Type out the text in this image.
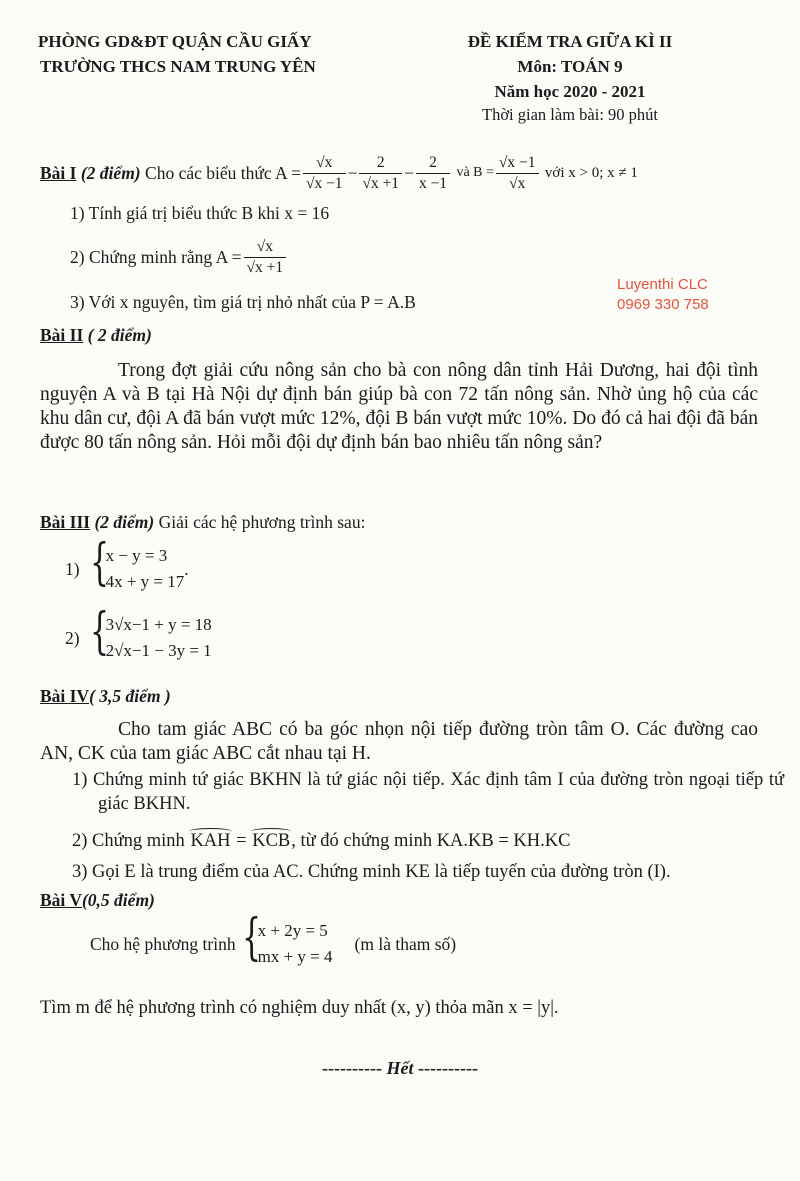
PHÒNG GD&ĐT QUẬN CẦU GIẤY
TRƯỜNG THCS NAM TRUNG YÊN
ĐỀ KIỂM TRA GIỮA KÌ II
Môn: TOÁN 9
Năm học 2020 - 2021
Thời gian làm bài: 90 phút
Bài I
(2 điểm)
Cho các biểu thức $A = \frac{√x}{√x -1} - \frac{2}{√x +1} - \frac{2}{x -1}$
và $B = \frac{√x -1}{√x}$
với x > 0; x ≠ 1
1) Tính giá trị biểu thức B khi x = 16
2) Chứng minh rằng $A = \frac{√x}{√x +1}$
Luyenthi CLC
0969 330 758
3) Với x nguyên, tìm giá trị nhỏ nhất của P = A.B
Bài II ( 2 điểm)
Trong đợt giải cứu nông sản cho bà con nông dân tỉnh Hải Dương, hai đội tình nguyện A và B tại Hà Nội dự định bán giúp bà con 72 tấn nông sản. Nhờ ủng hộ của các khu dân cư, đội A đã bán vượt mức 12%, đội B bán vượt mức 10%. Do đó cả hai đội đã bán được 80 tấn nông sản. Hỏi mỗi đội dự định bán bao nhiêu tấn nông sản?
Bài III (2 điểm) Giải các hệ phương trình sau:
1) {
x − y = 3
4x + y = 17
.
2) {
3√x−1 + y = 18
2√x−1 − 3y = 1
Bài IV( 3,5 điểm )
Cho tam giác ABC có ba góc nhọn nội tiếp đường tròn tâm O. Các đường cao AN, CK của tam giác ABC cắt nhau tại H.
1) Chứng minh tứ giác BKHN là tứ giác nội tiếp. Xác định tâm I của đường tròn ngoại tiếp tứ giác BKHN.
2) Chứng minh KAH = KCB, từ đó chứng minh KA.KB = KH.KC
3) Gọi E là trung điểm của AC. Chứng minh KE là tiếp tuyến của đường tròn (I).
Bài V(0,5 điểm)
Cho hệ phương trình {
x + 2y = 5
mx + y = 4
(m là tham số)
Tìm m để hệ phương trình có nghiệm duy nhất (x, y) thỏa mãn x = |y|.
---------- Hết ----------
